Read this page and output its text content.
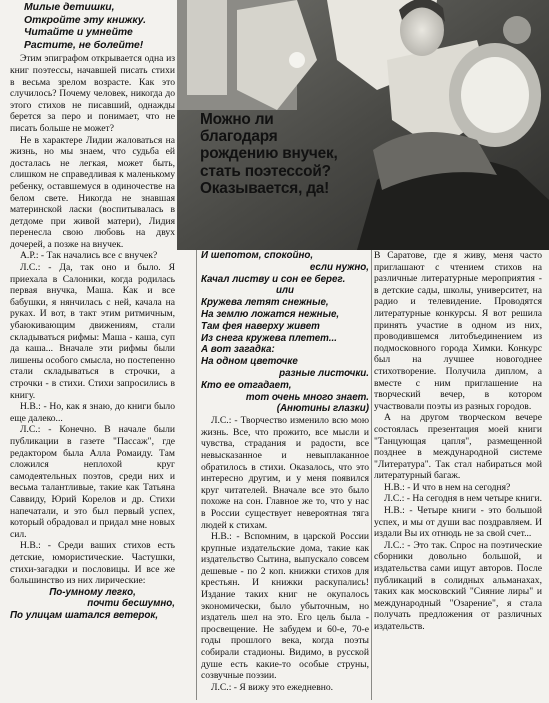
Можно ли
благодаря
рождению внучек,
стать поэтессой?
Оказывается, да!
Милые детишки,
Откройте эту книжку.
Читайте и умнейте
Растите, не болейте!

Этим эпиграфом открывается одна из книг поэтессы, начавшей писать стихи в весьма зрелом возрасте. Как это случилось? Почему человек, никогда до этого стихов не писавший, однажды берется за перо и понимает, что не писать больше не может?

Не в характере Лидии жаловаться на жизнь, но мы знаем, что судьба ей досталась не легкая, может быть, слишком не справедливая к маленькому ребенку, оставшемуся в одиночестве на белом свете. Никогда не знавшая материнской ласки (воспитывалась в детдоме при живой матери), Лидия перенесла свою любовь на двух дочерей, а позже на внучек.

А.Р.: - Так начались все с внучек?

Л.С.: - Да, так оно и было. Я приехала в Салоники, когда родилась первая внучка, Маша. Как и все бабушки, я нянчилась с ней, качала на руках. И вот, в такт этим ритмичным, убаюкивающим движениям, стали складываться рифмы: Маша - каша, суп да каша... Вначале эти рифмы были лишены особого смысла, но постепенно стали складываться в строчки, а строчки - в стихи. Стихи запросились в книгу.

Н.В.: - Но, как я знаю, до книги было еще далеко...

Л.С.: - Конечно. В начале были публикации в газете "Пассаж", где редактором была Алла Ромаиду. Там сложился неплохой круг самодеятельных поэтов, среди них и весьма талантливые, такие как Татьяна Саввиду, Юрий Корелов и др. Стихи напечатали, и это был первый успех, который обрадовал и придал мне новых сил.

Н.В.: - Среди ваших стихов есть детские, юмористические. Частушки, стихи-загадки и пословицы. И все же большинство из них лирические:

По-умному легко,
почти бесшумно,
По улицам шатался ветерок,
И шепотом, спокойно,
если нужно,
Качал листву и сон ее берег.
или
Кружева летят снежные,
На землю ложатся нежные,
Там фея наверху живет
Из снега кружева плетет...
А вот загадка:
На одном цветочке
разные листочки.
Кто ее отгадает,
тот очень много знает.
(Анютины глазки)

Л.С.: - Творчество изменило всю мою жизнь. Все, что прожито, все мысли и чувства, страдания и радости, все невысказанное и невыплаканное обратилось в стихи. Оказалось, что это интересно другим, и у меня появился круг читателей. Вначале все это было похоже на сон. Главное же то, что у нас в России существует невероятная тяга людей к стихам.

Н.В.: - Вспомним, в царской России крупные издательские дома, такие как издательство Сытина, выпускало совсем дешевые - по 2 коп. книжки стихов для крестьян. И книжки раскупались! Издание таких книг не окупалось экономически, было убыточным, но издатель шел на это. Его цель была - просвещение. Не забудем и 60-е, 70-е годы прошлого века, когда поэты собирали стадионы. Видимо, в русской душе есть какие-то особые струны, созвучные поэзии.

Л.С.: - Я вижу это ежедневно.

В Саратове, где я живу, меня часто приглашают с чтением стихов на различные литературные мероприятия - в детские сады, школы, университет, на радио и телевидение. Проводятся литературные конкурсы. Я вот решила принять участие в одном из них, проводившемся литобъединением из подмосковного города Химки. Конкурс был на лучшее новогоднее стихотворение. Получила диплом, а вместе с ним приглашение на творческий вечер, в котором участвовали поэты из разных городов.

А на другом творческом вечере состоялась презентация моей книги "Танцующая цапля", размещенной позднее в международной системе "Литература". Так стал набираться мой литературный багаж.

Н.В.: - И что в нем на сегодня?

Л.С.: - На сегодня в нем четыре книги.

Н.В.: - Четыре книги - это большой успех, и мы от души вас поздравляем. И издали Вы их отнюдь не за свой счет...

Л.С.: - Это так. Спрос на поэтические сборники довольно большой, и издательства сами ищут авторов. После публикаций в солидных альманахах, таких как московский "Сияние лиры" и международный "Озарение", я стала получать предложения от различных издательств.
